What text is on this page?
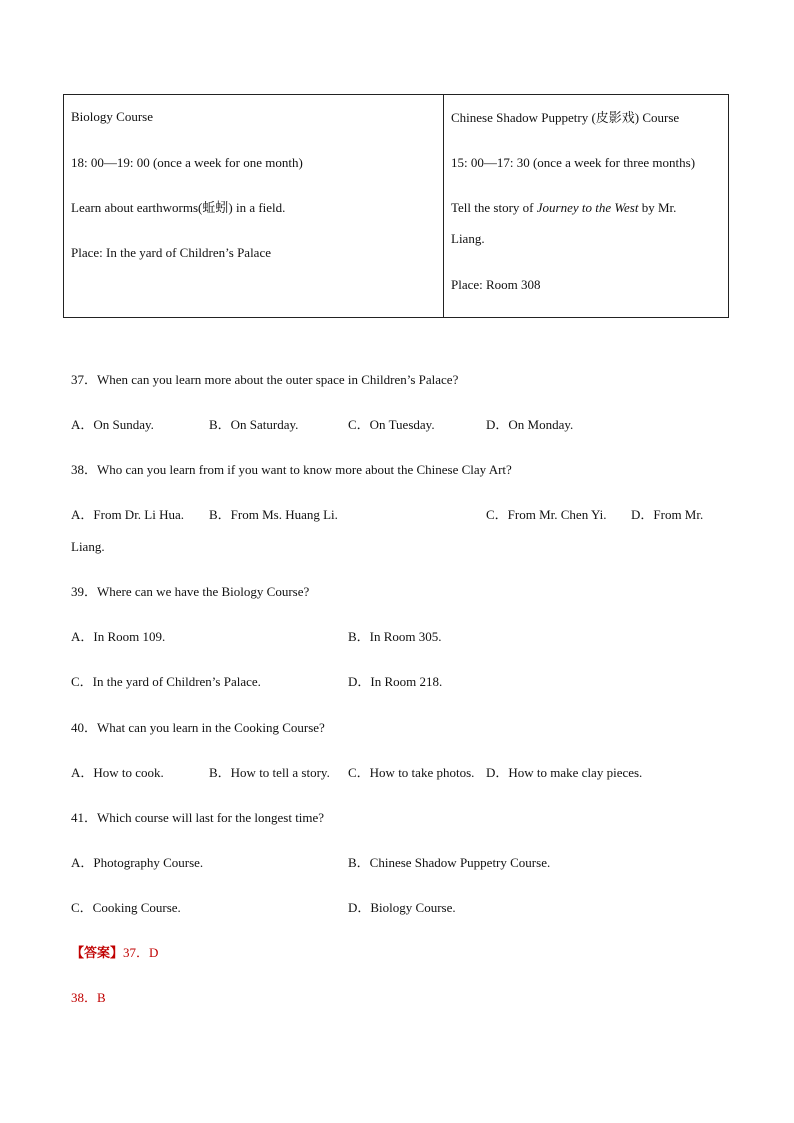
Biology Course
18: 00—19: 00 (once a week for one month)
Learn about earthworms(蚯蚓) in a field.
Place: In the yard of Children’s Palace
Chinese Shadow Puppetry (皮影戏) Course
15: 00—17: 30 (once a week for three months)
Tell the story of Journey to the West by Mr.
Liang.
Place: Room 308
37．When can you learn more about the outer space in Children’s Palace?
A．On Sunday.	B．On Saturday.	C．On Tuesday.	D．On Monday.
38．Who can you learn from if you want to know more about the Chinese Clay Art?
A．From Dr. Li Hua. B．From Ms. Huang Li.	C．From Mr. Chen Yi. D．From Mr.
Liang.
39．Where can we have the Biology Course?
A．In Room 109.	B．In Room 305.
C．In the yard of Children’s Palace.	D．In Room 218.
40．What can you learn in the Cooking Course?
A．How to cook.	B．How to tell a story. C．How to take photos. D．How to make clay pieces.
41．Which course will last for the longest time?
A．Photography Course.	B．Chinese Shadow Puppetry Course.
C．Cooking Course.	D．Biology Course.
【答案】37．D
38．B
